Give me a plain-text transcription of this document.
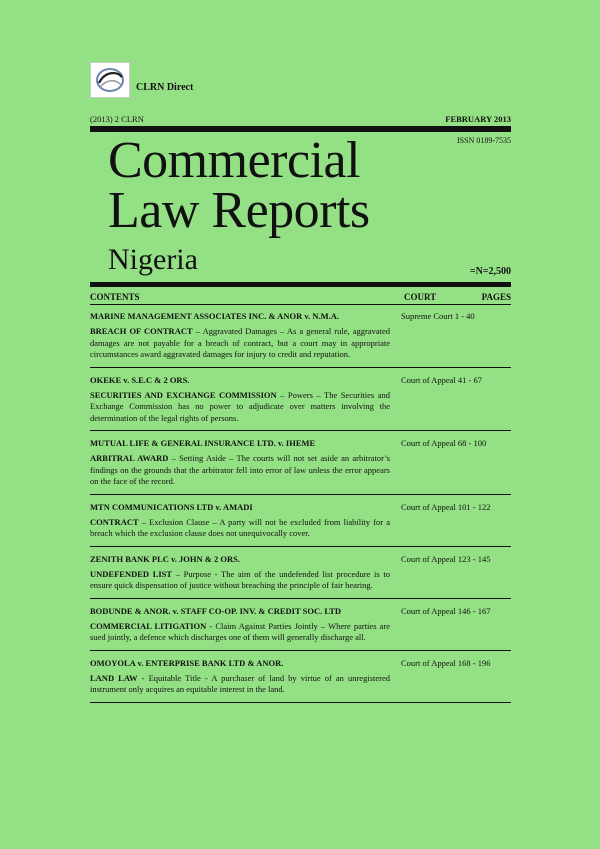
CLRN Direct
(2013) 2 CLRN	FEBRUARY 2013
ISSN 0189-7535
Commercial
Law Reports
Nigeria	=N=2,500
CONTENTS	COURT	PAGES
MARINE MANAGEMENT ASSOCIATES INC. & ANOR v. N.M.A.
BREACH OF CONTRACT – Aggravated Damages – As a general rule, aggravated damages are not payable for a breach of contract, but a court may in appropriate circumstances award aggravated damages for injury to credit and reputation.
Supreme Court 1 - 40
OKEKE v. S.E.C & 2 ORS.
SECURITIES AND EXCHANGE COMMISSION – Powers – The Securities and Exchange Commission has no power to adjudicate over matters involving the determination of the legal rights of persons.
Court of Appeal 41 - 67
MUTUAL LIFE & GENERAL INSURANCE LTD. v. IHEME
ARBITRAL AWARD – Setting Aside – The courts will not set aside an arbitrator’s findings on the grounds that the arbitrator fell into error of law unless the error appears on the face of the record.
Court of Appeal 68 - 100
MTN COMMUNICATIONS LTD v. AMADI
CONTRACT – Exclusion Clause – A party will not be excluded from liability for a breach which the exclusion clause does not unequivocally cover.
Court of Appeal 101 - 122
ZENITH BANK PLC v. JOHN & 2 ORS.
UNDEFENDED LIST – Purpose - The aim of the undefended list procedure is to ensure quick dispensation of justice without breaching the principle of fair hearing.
Court of Appeal 123 - 145
BODUNDE & ANOR. v. STAFF CO-OP. INV. & CREDIT SOC. LTD
COMMERCIAL LITIGATION - Claim Against Parties Jointly – Where parties are sued jointly, a defence which discharges one of them will generally discharge all.
Court of Appeal 146 - 167
OMOYOLA v. ENTERPRISE BANK LTD & ANOR.
LAND LAW - Equitable Title - A purchaser of land by virtue of an unregistered instrument only acquires an equitable interest in the land.
Court of Appeal 168 - 196
